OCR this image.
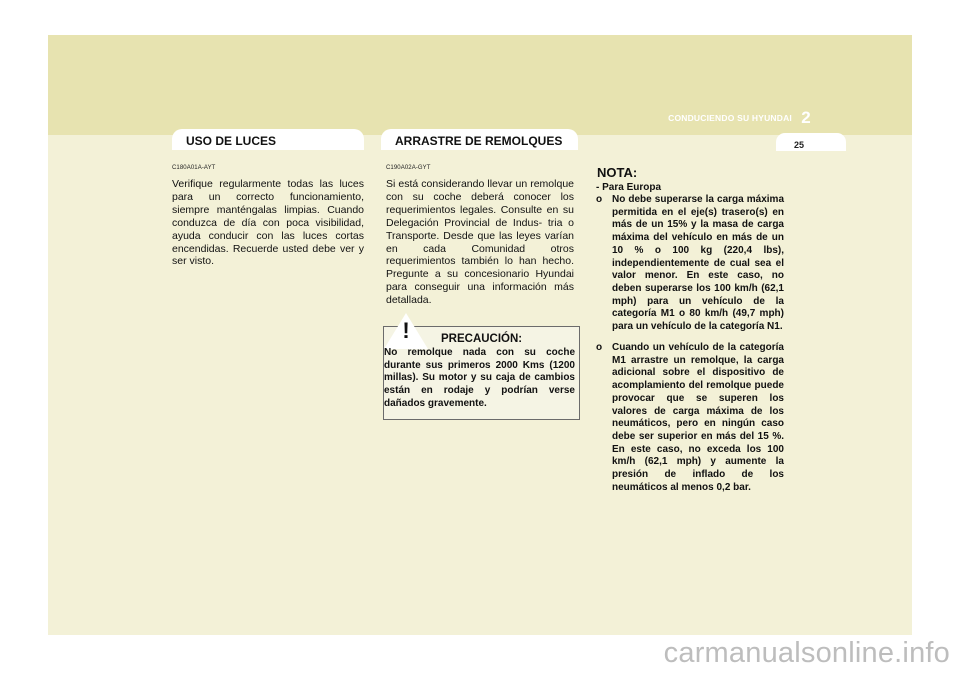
CONDUCIENDO SU HYUNDAI 2
25
USO DE LUCES
C180A01A-AYT

Verifique regularmente todas las luces para un correcto funcionamiento, siempre manténgalas limpias. Cuando conduzca de día con poca visibilidad, ayuda conducir con las luces cortas encendidas. Recuerde usted debe ver y ser visto.

ARRASTRE DE REMOLQUES
C190A02A-GYT

Si está considerando llevar un remolque con su coche deberá conocer los requerimientos legales. Consulte en su Delegación Provincial de Indus- tria o Transporte. Desde que las leyes varían en cada Comunidad otros requerimientos también lo han hecho. Pregunte a su concesionario Hyundai para conseguir una información más detallada.

!	PRECAUCIÓN:

No remolque nada con su coche durante sus primeros 2000 Kms (1200 millas). Su motor y su caja de cambios están en rodaje y podrían verse dañados gravemente.

NOTA:
- Para Europa
o No debe superarse la carga máxima permitida en el eje(s) trasero(s) en más de un 15% y la masa de carga máxima del vehículo en más de un 10 % o 100 kg (220,4 lbs), independientemente de cual sea el valor menor. En este caso, no deben superarse los 100 km/h (62,1 mph) para un vehículo de la categoría M1 o 80 km/h (49,7 mph) para un vehículo de la categoría N1.
o Cuando un vehículo de la categoría M1 arrastre un remolque, la carga adicional sobre el dispositivo de acomplamiento del remolque puede provocar que se superen los valores de carga máxima de los neumáticos, pero en ningún caso debe ser superior en más del 15 %. En este caso, no exceda los 100 km/h (62,1 mph) y aumente la presión de inflado de los neumáticos al menos 0,2 bar.
carmanualsonline.info
